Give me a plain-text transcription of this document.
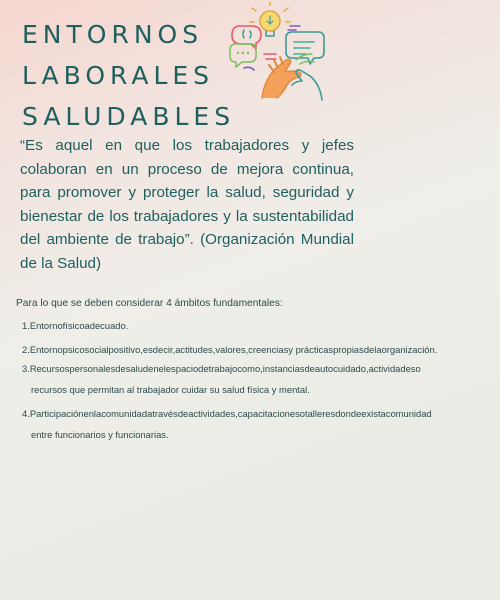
ENTORNOS
LABORALES
SALUDABLES

“Es aquel en que los trabajadores y jefes colaboran en un proceso de mejora continua, para promover y proteger la salud, seguridad y bienestar de los trabajadores y la sustentabilidad del ambiente de trabajo”. (Organización Mundial de la Salud)

Para lo que se deben considerar 4 ámbitos fundamentales:

1.Entornofísicoadecuado.

2.Entornopsicosocialpositivo,esdecir,actitudes,valores,creenciasy prácticaspropiasdelaorganización.

3.Recursospersonalesdesaludenelespaciodetrabajocomo,instanciasdeautocuidado,actividadeso
recursos que permitan al trabajador cuidar su salud física y mental.

4.Participaciónenlacomunidadatravésdeactividades,capacitacionesotalleresdondeexistacomunidad
entre funcionarios y funcionarias.
